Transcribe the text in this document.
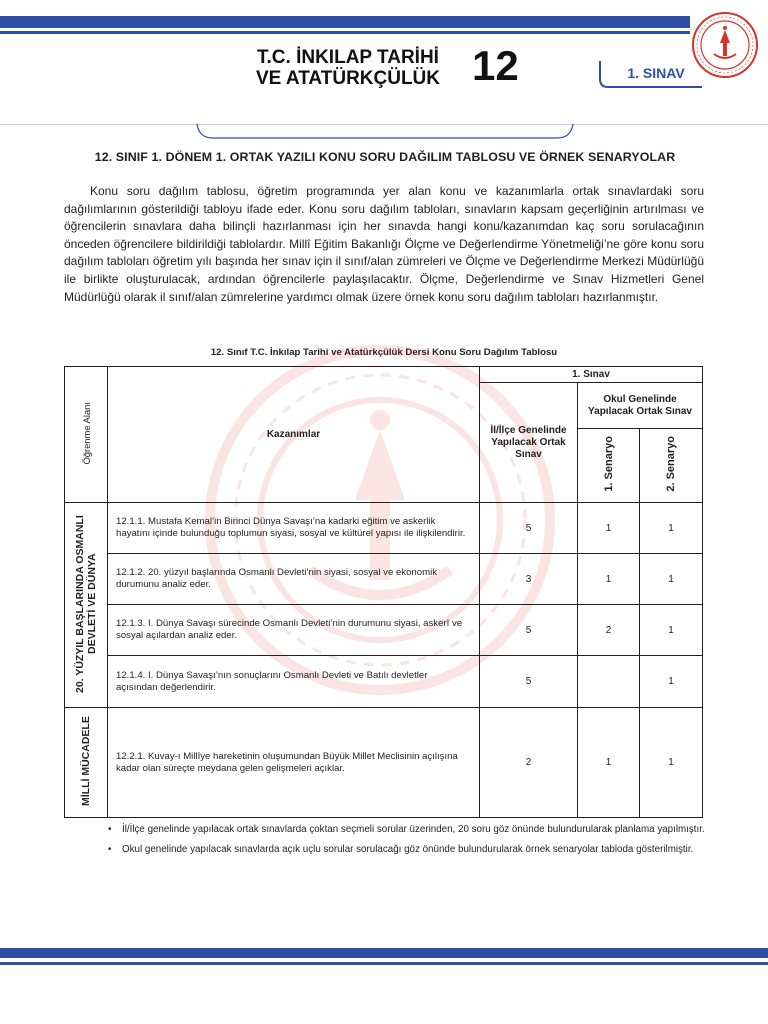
T.C. İNKILAP TARİHİ
VE ATATÜRKÇÜLÜK 12	1. SINAV
12. SINIF 1. DÖNEM 1. ORTAK YAZILI KONU SORU DAĞILIM TABLOSU VE ÖRNEK SENARYOLAR

Konu soru dağılım tablosu, öğretim programında yer alan konu ve kazanımlarla ortak sınavlardaki soru dağılımlarının gösterildiği tabloyu ifade eder. Konu soru dağılım tabloları, sınavların kapsam geçerliğinin artırılması ve öğrencilerin sınavlara daha bilinçli hazırlanması için her sınavda hangi konu/kazanımdan kaç soru sorulacağının önceden öğrencilere bildirildiği tablolardır. Millî Eğitim Bakanlığı Ölçme ve Değerlendirme Yönetmeliği’ne göre konu soru dağılım tabloları öğretim yılı başında her sınav için il sınıf/alan zümreleri ve Ölçme ve Değerlendirme Merkezi Müdürlüğü ile birlikte oluşturulacak, ardından öğrencilerle paylaşılacaktır. Ölçme, Değerlendirme ve Sınav Hizmetleri Genel Müdürlüğü olarak il sınıf/alan zümrelerine yardımcı olmak üzere örnek konu soru dağılım tabloları hazırlanmıştır.

12. Sınıf T.C. İnkılap Tarihi ve Atatürkçülük Dersi Konu Soru Dağılım Tablosu
Öğrenme Alanı	Kazanımlar	1. Sınav		
		İl/İlçe Genelinde Yapılacak Ortak Sınav	Okul Genelinde Yapılacak Ortak Sınav	
			1. Senaryo	2. Senaryo
20. YÜZYIL BAŞLARINDA OSMANLI DEVLETİ VE DÜNYA	12.1.1. Mustafa Kemal’in Birinci Dünya Savaşı’na kadarki eğitim ve askerlik hayatını içinde bulunduğu toplumun siyasi, sosyal ve kültürel yapısı ile ilişkilendirir.	5	1	1
	12.1.2. 20. yüzyıl başlarında Osmanlı Devleti’nin siyasi, sosyal ve ekonomik durumunu analiz eder.	3	1	1
	12.1.3. I. Dünya Savaşı sürecinde Osmanlı Devleti’nin durumunu siyasi, askerî ve sosyal açılardan analiz eder.	5	2	1
	12.1.4. I. Dünya Savaşı’nın sonuçlarını Osmanlı Devleti ve Batılı devletler açısından değerlendirir.	5		1
MİLLİ MÜCADELE	12.2.1. Kuvay-ı Millîye hareketinin oluşumundan Büyük Millet Meclisinin açılışına kadar olan süreçte meydana gelen gelişmeleri açıklar.	2	1	1
• İl/İlçe genelinde yapılacak ortak sınavlarda çoktan seçmeli sorular üzerinden, 20 soru göz önünde bulundurularak planlama yapılmıştır.
• Okul genelinde yapılacak sınavlarda açık uçlu sorular sorulacağı göz önünde bulundurularak örnek senaryolar tabloda gösterilmiştir.
